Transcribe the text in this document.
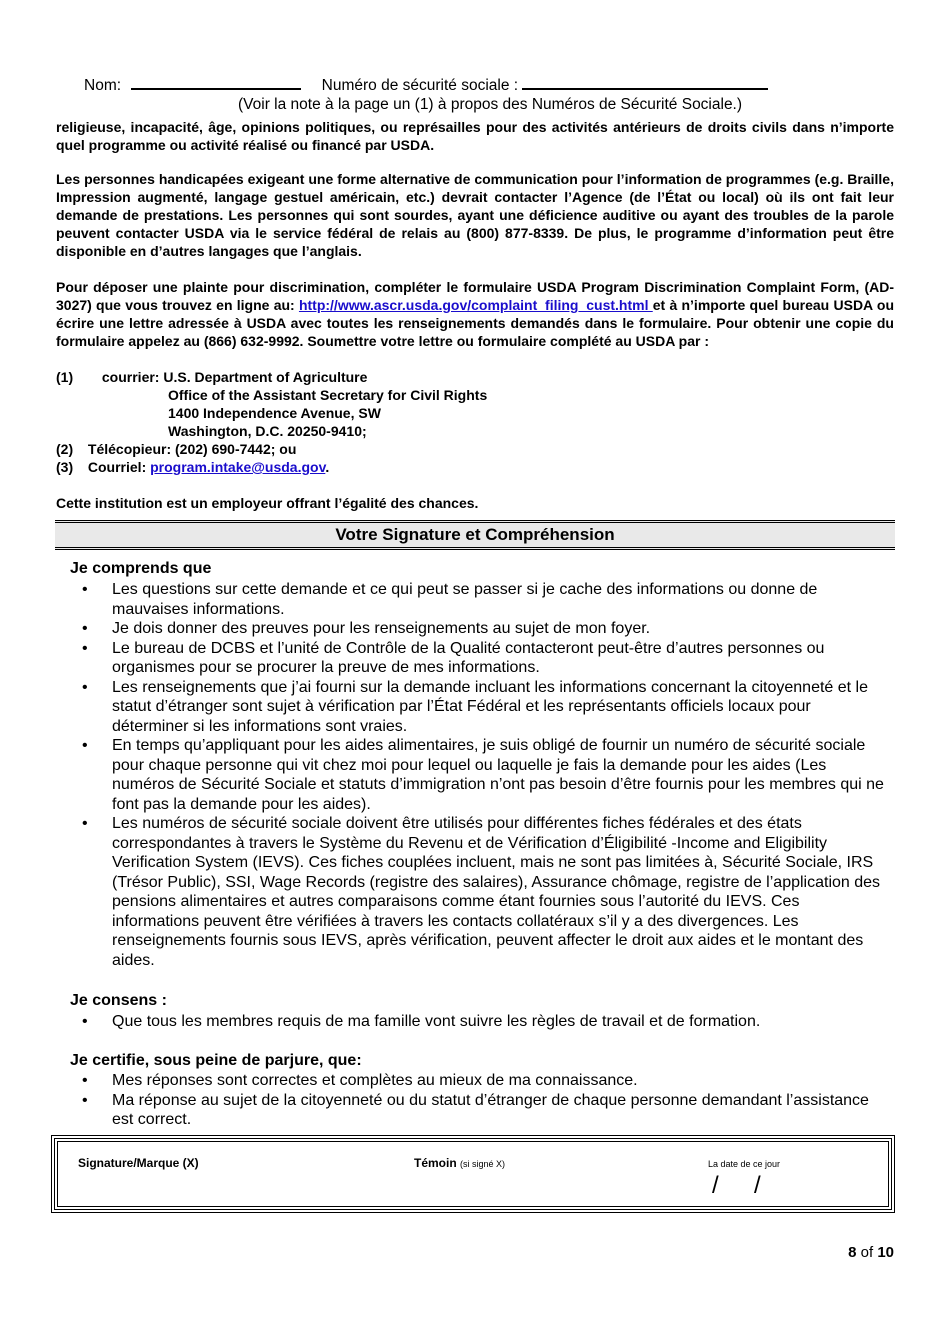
Nom:	Numéro de sécurité sociale :
(Voir la note à la page un (1) à propos des Numéros de Sécurité Sociale.)

religieuse, incapacité, âge, opinions politiques, ou représailles pour des activités antérieurs de droits civils dans n’importe quel programme ou activité réalisé ou financé par USDA.

Les personnes handicapées exigeant une forme alternative de communication pour l’information de programmes (e.g. Braille, Impression augmenté, langage gestuel américain, etc.) devrait contacter l’Agence (de l’État ou local) où ils ont fait leur demande de prestations. Les personnes qui sont sourdes, ayant une déficience auditive ou ayant des troubles de la parole peuvent contacter USDA via le service fédéral de relais au (800) 877-8339. De plus, le programme d’information peut être disponible en d’autres langages que l’anglais.

Pour déposer une plainte pour discrimination, compléter le formulaire USDA Program Discrimination Complaint Form, (AD-3027) que vous trouvez en ligne au: http://www.ascr.usda.gov/complaint_filing_cust.html et à n’importe quel bureau USDA ou écrire une lettre adressée à USDA avec toutes les renseignements demandés dans le formulaire. Pour obtenir une copie du formulaire appelez au (866) 632-9992. Soumettre votre lettre ou formulaire complété au USDA par :

(1) courrier: U.S. Department of Agriculture
Office of the Assistant Secretary for Civil Rights
1400 Independence Avenue, SW
Washington, D.C. 20250-9410;
(2) Télécopieur: (202) 690-7442; ou
(3) Courriel: program.intake@usda.gov.
Cette institution est un employeur offrant l’égalité des chances.
Votre Signature et Compréhension
Je comprends que
• Les questions sur cette demande et ce qui peut se passer si je cache des informations ou donne de mauvaises informations.
• Je dois donner des preuves pour les renseignements au sujet de mon foyer.
• Le bureau de DCBS et l’unité de Contrôle de la Qualité contacteront peut-être d’autres personnes ou organismes pour se procurer la preuve de mes informations.
• Les renseignements que j’ai fourni sur la demande incluant les informations concernant la citoyenneté et le statut d’étranger sont sujet à vérification par l’État Fédéral et les représentants officiels locaux pour déterminer si les informations sont vraies.
• En temps qu’appliquant pour les aides alimentaires, je suis obligé de fournir un numéro de sécurité sociale pour chaque personne qui vit chez moi pour lequel ou laquelle je fais la demande pour les aides (Les numéros de Sécurité Sociale et statuts d’immigration n’ont pas besoin d’être fournis pour les membres qui ne font pas la demande pour les aides).
• Les numéros de sécurité sociale doivent être utilisés pour différentes fiches fédérales et des états correspondantes à travers le Système du Revenu et de Vérification d’Éligibilité -Income and Eligibility Verification System (IEVS). Ces fiches couplées incluent, mais ne sont pas limitées à, Sécurité Sociale, IRS (Trésor Public), SSI, Wage Records (registre des salaires), Assurance chômage, registre de l’application des pensions alimentaires et autres comparaisons comme étant fournies sous l’autorité du IEVS. Ces informations peuvent être vérifiées à travers les contacts collatéraux s’il y a des divergences. Les renseignements fournis sous IEVS, après vérification, peuvent affecter le droit aux aides et le montant des aides.
Je consens :
• Que tous les membres requis de ma famille vont suivre les règles de travail et de formation.
Je certifie, sous peine de parjure, que:
• Mes réponses sont correctes et complètes au mieux de ma connaissance.
• Ma réponse au sujet de la citoyenneté ou du statut d’étranger de chaque personne demandant l’assistance est correct.
Signature/Marque (X)	Témoin (si signé X)	La date de ce jour
/ /
8 of 10
